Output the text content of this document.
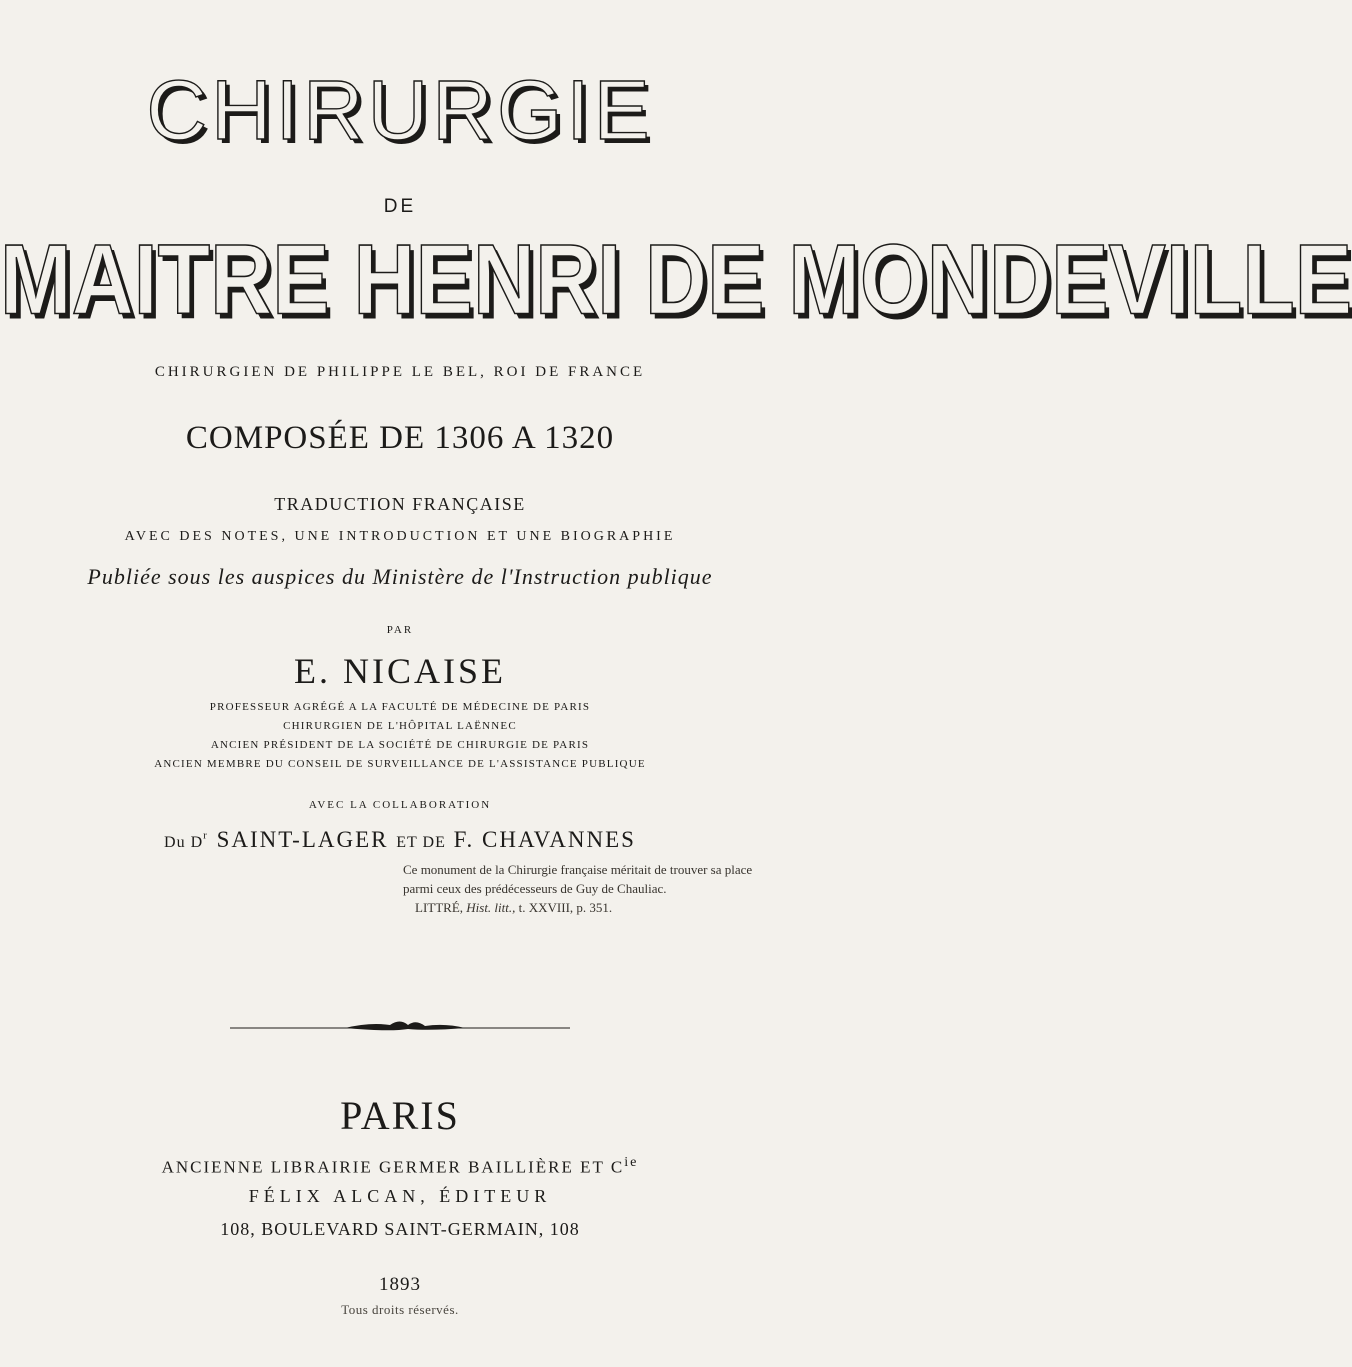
CHIRURGIE
DE
MAITRE HENRI DE MONDEVILLE
CHIRURGIEN DE PHILIPPE LE BEL, ROI DE FRANCE
COMPOSÉE DE 1306 A 1320
TRADUCTION FRANÇAISE
AVEC DES NOTES, UNE INTRODUCTION ET UNE BIOGRAPHIE
Publiée sous les auspices du Ministère de l'Instruction publique
PAR
E. NICAISE
PROFESSEUR AGRÉGÉ A LA FACULTÉ DE MÉDECINE DE PARIS
CHIRURGIEN DE L'HÔPITAL LAËNNEC
ANCIEN PRÉSIDENT DE LA SOCIÉTÉ DE CHIRURGIE DE PARIS
ANCIEN MEMBRE DU CONSEIL DE SURVEILLANCE DE L'ASSISTANCE PUBLIQUE
AVEC LA COLLABORATION
Du $D^r$ SAINT-LAGER ET DE F. CHAVANNES

Ce monument de la Chirurgie française méritait de trouver sa place parmi ceux des prédécesseurs de Guy de Chauliac.

LITTRÉ, Hist. litt., t. XXVIII, p. 351.

PARIS
ANCIENNE LIBRAIRIE GERMER BAILLIÈRE ET $C^{ie}$
FÉLIX ALCAN, ÉDITEUR
108, BOULEVARD SAINT-GERMAIN, 108
1893
Tous droits réservés.
